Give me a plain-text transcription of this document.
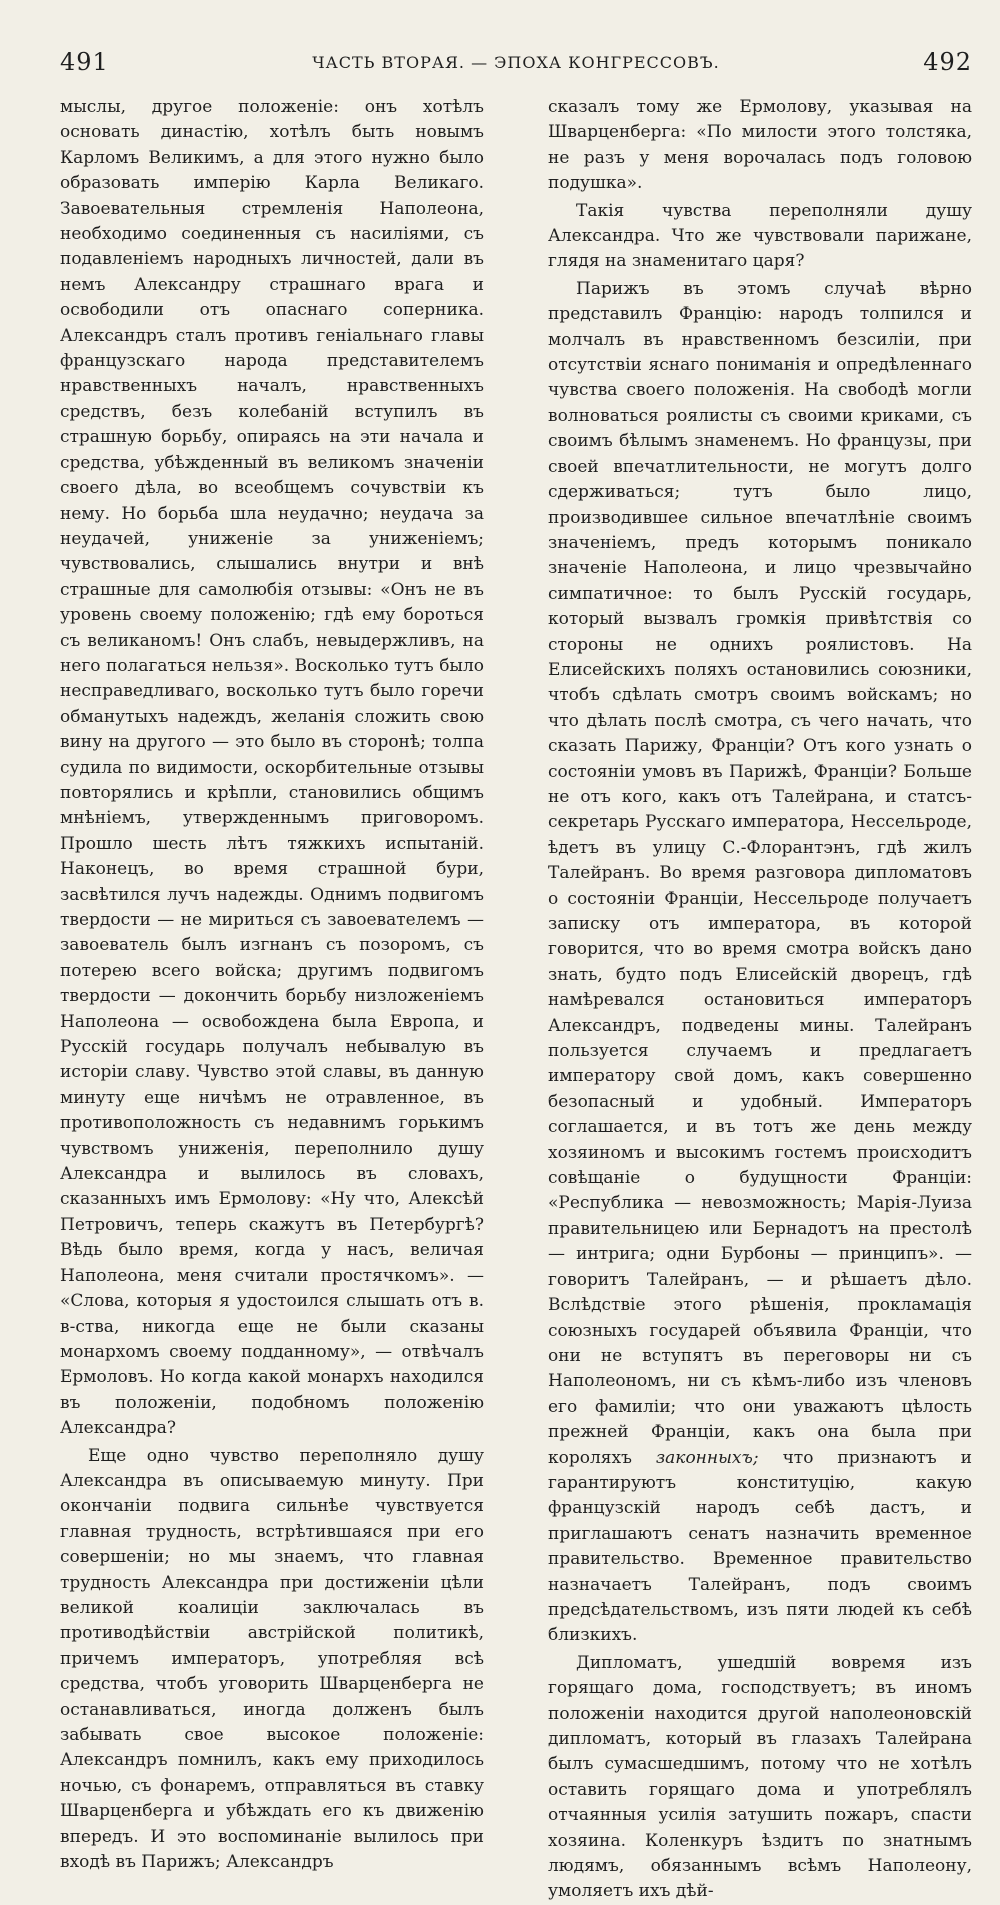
491	ЧАСТЬ ВТОРАЯ. — ЭПОХА КОНГРЕССОВЪ.	492

мыслы, другое положенiе: онъ хотѣлъ основать династiю, хотѣлъ быть новымъ Карломъ Великимъ, а для этого нужно было образовать имперiю Карла Великаго. Завоевательныя стремленiя Наполеона, необходимо соединенныя съ насилiями, съ подавленiемъ народныхъ личностей, дали въ немъ Александру страшнаго врага и освободили отъ опаснаго соперника. Александръ сталъ противъ генiальнаго главы французскаго народа представителемъ нравственныхъ началъ, нравственныхъ средствъ, безъ колебанiй вступилъ въ страшную борьбу, опираясь на эти начала и средства, убѣжденный въ великомъ значенiи своего дѣла, во всеобщемъ сочувствiи къ нему. Но борьба шла неудачно; неудача за неудачей, униженiе за униженiемъ; чувствовались, слышались внутри и внѣ страшные для самолюбiя отзывы: «Онъ не въ уровень своему положенiю; гдѣ ему бороться съ великаномъ! Онъ слабъ, невыдержливъ, на него полагаться нельзя». Восколько тутъ было несправедливаго, восколько тутъ было горечи обманутыхъ надеждъ, желанiя сложить свою вину на другого — это было въ сторонѣ; толпа судила по видимости, оскорбительные отзывы повторялись и крѣпли, становились общимъ мнѣнiемъ, утвержденнымъ приговоромъ. Прошло шесть лѣтъ тяжкихъ испытанiй. Наконецъ, во время страшной бури, засвѣтился лучъ надежды. Однимъ подвигомъ твердости — не мириться съ завоевателемъ — завоеватель былъ изгнанъ съ позоромъ, съ потерею всего войска; другимъ подвигомъ твердости — докончить борьбу низложенiемъ Наполеона — освобождена была Европа, и Русскiй государь получалъ небывалую въ исторiи славу. Чувство этой славы, въ данную минуту еще ничѣмъ не отравленное, въ противоположность съ недавнимъ горькимъ чувствомъ униженiя, переполнило душу Александра и вылилось въ словахъ, сказанныхъ имъ Ермолову: «Ну что, Алексѣй Петровичъ, теперь скажутъ въ Петербургѣ? Вѣдь было время, когда у насъ, величая Наполеона, меня считали простячкомъ». — «Слова, которыя я удостоился слышать отъ в. в-ства, никогда еще не были сказаны монархомъ своему подданному», — отвѣчалъ Ермоловъ. Но когда какой монархъ находился въ положенiи, подобномъ положенiю Александра?

Еще одно чувство переполняло душу Александра въ описываемую минуту. При окончанiи подвига сильнѣе чувствуется главная трудность, встрѣтившаяся при его совершенiи; но мы знаемъ, что главная трудность Александра при достиженiи цѣли великой коалицiи заключалась въ противодѣйствiи австрiйской политикѣ, причемъ императоръ, употребляя всѣ средства, чтобъ уговорить Шварценберга не останавливаться, иногда долженъ былъ забывать свое высокое положенiе: Александръ помнилъ, какъ ему приходилось ночью, съ фонаремъ, отправляться въ ставку Шварценберга и убѣждать его къ движенiю впередъ. И это воспоминанiе вылилось при входѣ въ Парижъ; Александръ

сказалъ тому же Ермолову, указывая на Шварценберга: «По милости этого толстяка, не разъ у меня ворочалась подъ головою подушка».

Такiя чувства переполняли душу Александра. Что же чувствовали парижане, глядя на знаменитаго царя?

Парижъ въ этомъ случаѣ вѣрно представилъ Францiю: народъ толпился и молчалъ въ нравственномъ безсилiи, при отсутствiи яснаго пониманiя и опредѣленнаго чувства своего положенiя. На свободѣ могли волноваться роялисты съ своими криками, съ своимъ бѣлымъ знаменемъ. Но французы, при своей впечатлительности, не могутъ долго сдерживаться; тутъ было лицо, производившее сильное впечатлѣнiе своимъ значенiемъ, предъ которымъ поникало значенiе Наполеона, и лицо чрезвычайно симпатичное: то былъ Русскiй государь, который вызвалъ громкiя привѣтствiя со стороны не однихъ роялистовъ. На Елисейскихъ поляхъ остановились союзники, чтобъ сдѣлать смотръ своимъ войскамъ; но что дѣлать послѣ смотра, съ чего начать, что сказать Парижу, Францiи? Отъ кого узнать о состоянiи умовъ въ Парижѣ, Францiи? Больше не отъ кого, какъ отъ Талейрана, и статсъ-секретарь Русскаго императора, Нессельроде, ѣдетъ въ улицу С.-Флорантэнъ, гдѣ жилъ Талейранъ. Во время разговора дипломатовъ о состоянiи Францiи, Нессельроде получаетъ записку отъ императора, въ которой говорится, что во время смотра войскъ дано знать, будто подъ Елисейскiй дворецъ, гдѣ намѣревался остановиться императоръ Александръ, подведены мины. Талейранъ пользуется случаемъ и предлагаетъ императору свой домъ, какъ совершенно безопасный и удобный. Императоръ соглашается, и въ тотъ же день между хозяиномъ и высокимъ гостемъ происходитъ совѣщанiе о будущности Францiи: «Республика — невозможность; Марiя-Луиза правительницею или Бернадотъ на престолѣ — интрига; одни Бурбоны — принципъ». — говоритъ Талейранъ, — и рѣшаетъ дѣло. Вслѣдствiе этого рѣшенiя, прокламацiя союзныхъ государей объявила Францiи, что они не вступятъ въ переговоры ни съ Наполеономъ, ни съ кѣмъ-либо изъ членовъ его фамилiи; что они уважаютъ цѣлость прежней Францiи, какъ она была при короляхъ законныхъ; что признаютъ и гарантируютъ конституцiю, какую французскiй народъ себѣ дастъ, и приглашаютъ сенатъ назначить временное правительство. Временное правительство назначаетъ Талейранъ, подъ своимъ предсѣдательствомъ, изъ пяти людей къ себѣ близкихъ.

Дипломатъ, ушедшiй вовремя изъ горящаго дома, господствуетъ; въ иномъ положенiи находится другой наполеоновскiй дипломатъ, который въ глазахъ Талейрана былъ сумасшедшимъ, потому что не хотѣлъ оставить горящаго дома и употреблялъ отчаянныя усилiя затушить пожаръ, спасти хозяина. Коленкуръ ѣздитъ по знатнымъ людямъ, обязаннымъ всѣмъ Наполеону, умоляетъ ихъ дѣй-
